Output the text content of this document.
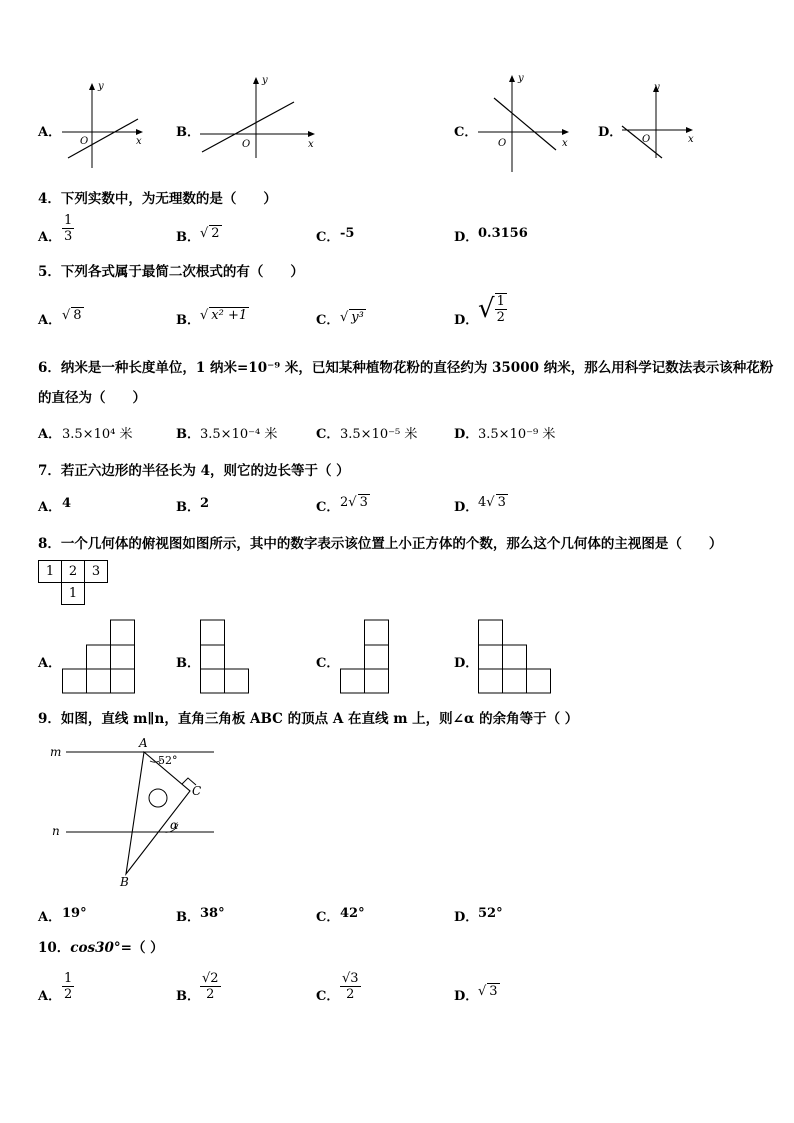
A．
y
x
O
B．
y
x
O
C．
y
x
O
D．
y
x
O
4．下列实数中，为无理数的是（　　）
A． $\frac{1}{3}$	B． √ 2	C． -5	D． 0.3156
5．下列各式属于最简二次根式的有（　　）
A． √ 8	B． √ x² +1	C． √ y³	D． √ $\frac{1}{2}$
6．纳米是一种长度单位，1 纳米=10⁻⁹ 米，已知某种植物花粉的直径约为 35000 纳米，那么用科学记数法表示该种花粉
的直径为（　　）
A． 3.5×10⁴ 米	B． 3.5×10⁻⁴ 米	C． 3.5×10⁻⁵ 米	D． 3.5×10⁻⁹ 米
7．若正六边形的半径长为 4，则它的边长等于（ ）
A． 4	B． 2	C． 2√ 3	D． 4√ 3
8．一个几何体的俯视图如图所示，其中的数字表示该位置上小正方体的个数，那么这个几何体的主视图是（　　）
1	2	3
	1	
A．	B．	C．	D．
9．如图，直线 m∥n，直角三角板 ABC 的顶点 A 在直线 m 上，则∠α 的余角等于（ ）
m
n
A
B
C
52°
α
A． 19°	B． 38°	C． 42°	D． 52°
10．cos30°=（ ）
A． $\frac{1}{2}$	B． $\frac{√2}{2}$	C． $\frac{√3}{2}$	D． √ 3
